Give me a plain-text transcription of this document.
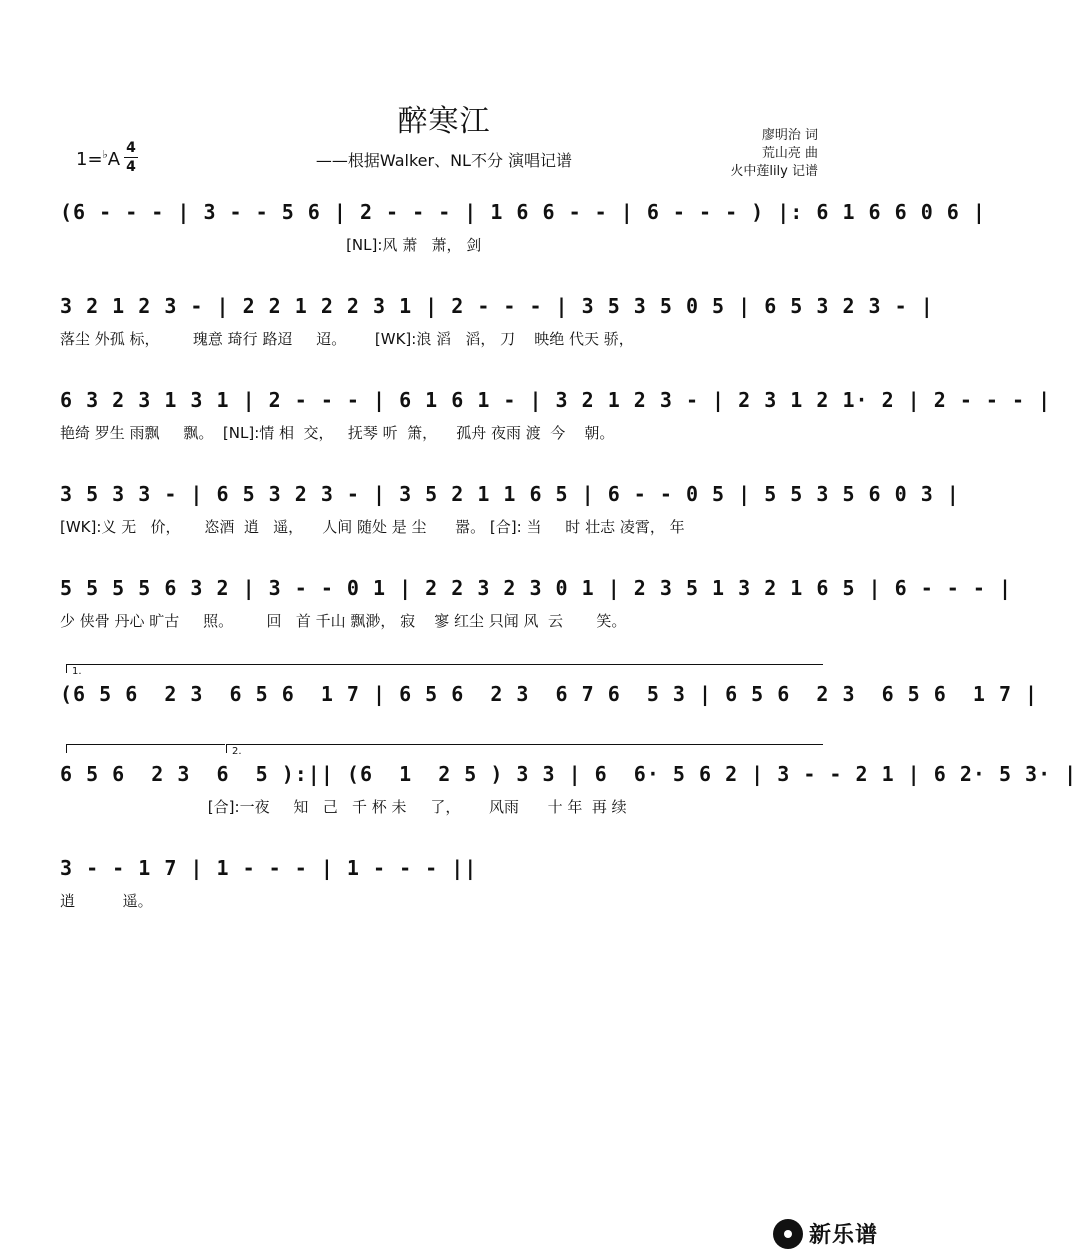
醉寒江
——根据Walker、NL不分 演唱记谱
廖明治 词
荒山亮 曲
火中莲lily 记谱
1=♭A
4
4
(6 - - - | 3 - - 5 6 | 2 - - - | 1 6 6 - - | 6 - - - ) |: 6 1 6 6 0 6 |
[NL]:风 萧   萧， 剑
3 2 1 2 3 - | 2 2 1 2 2 3 1 | 2 - - - | 3 5 3 5 0 5 | 6 5 3 2 3 - |
落尘 外孤 标，       瑰意 琦行 路迢     迢。      [WK]:浪 滔   滔， 刀    映绝 代天 骄，
6 3 2 3 1 3 1 | 2 - - - | 6 1 6 1 - | 3 2 1 2 3 - | 2 3 1 2 1· 2 | 2 - - - |
艳绮 罗生 雨飘     飘。  [NL]:情 相  交，   抚琴 听  箫，    孤舟 夜雨 渡  今    朝。
3 5 3 3 - | 6 5 3 2 3 - | 3 5 2 1 1 6 5 | 6 - - 0 5 | 5 5 3 5 6 0 3 |
[WK]:义 无   价，     恣酒  逍   遥，    人间 随处 是 尘      嚣。 [合]: 当     时 壮志 凌霄， 年
5 5 5 5 6 3 2 | 3 - - 0 1 | 2 2 3 2 3 0 1 | 2 3 5 1 3 2 1 6 5 | 6 - - - |
少 侠骨 丹心 旷古     照。       回   首 千山 飘渺， 寂    寥 红尘 只闻 风  云       笑。
1.
(6 5 6  2 3  6 5 6  1 7 | 6 5 6  2 3  6 7 6  5 3 | 6 5 6  2 3  6 5 6  1 7 |
2.
6 5 6  2 3  6  5 ):|| (6  1  2 5 ) 3 3 | 6  6· 5 6 2 | 3 - - 2 1 | 6 2· 5 3· |
[合]:一夜     知   己   千 杯 未     了，      风雨      十 年  再 续
3 - - 1 7 | 1 - - - | 1 - - - ||
逍          遥。
新乐谱
